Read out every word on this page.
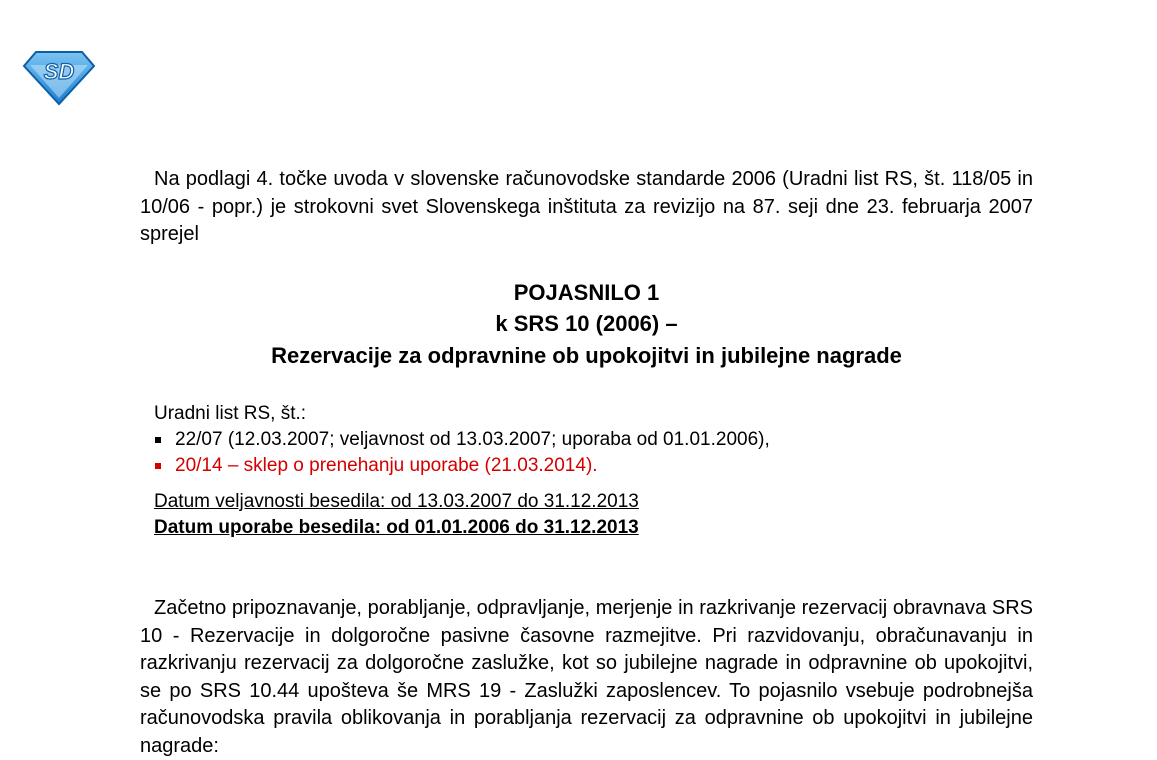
SD

Na podlagi 4. točke uvoda v slovenske računovodske standarde 2006 (Uradni list RS, št. 118/05 in 10/06 - popr.) je strokovni svet Slovenskega inštituta za revizijo na 87. seji dne 23. februarja 2007 sprejel

POJASNILO 1
k SRS 10 (2006) –
Rezervacije za odpravnine ob upokojitvi in jubilejne nagrade
Uradni list RS, št.:
22/07 (12.03.2007; veljavnost od 13.03.2007; uporaba od 01.01.2006),
20/14 – sklep o prenehanju uporabe (21.03.2014).
Datum veljavnosti besedila: od 13.03.2007 do 31.12.2013
Datum uporabe besedila: od 01.01.2006 do 31.12.2013

Začetno pripoznavanje, porabljanje, odpravljanje, merjenje in razkrivanje rezervacij obravnava SRS 10 - Rezervacije in dolgoročne pasivne časovne razmejitve. Pri razvidovanju, obračunavanju in razkrivanju rezervacij za dolgoročne zaslužke, kot so jubilejne nagrade in odpravnine ob upokojitvi, se po SRS 10.44 upošteva še MRS 19 - Zaslužki zaposlencev. To pojasnilo vsebuje podrobnejša računovodska pravila oblikovanja in porabljanja rezervacij za odpravnine ob upokojitvi in jubilejne nagrade:
